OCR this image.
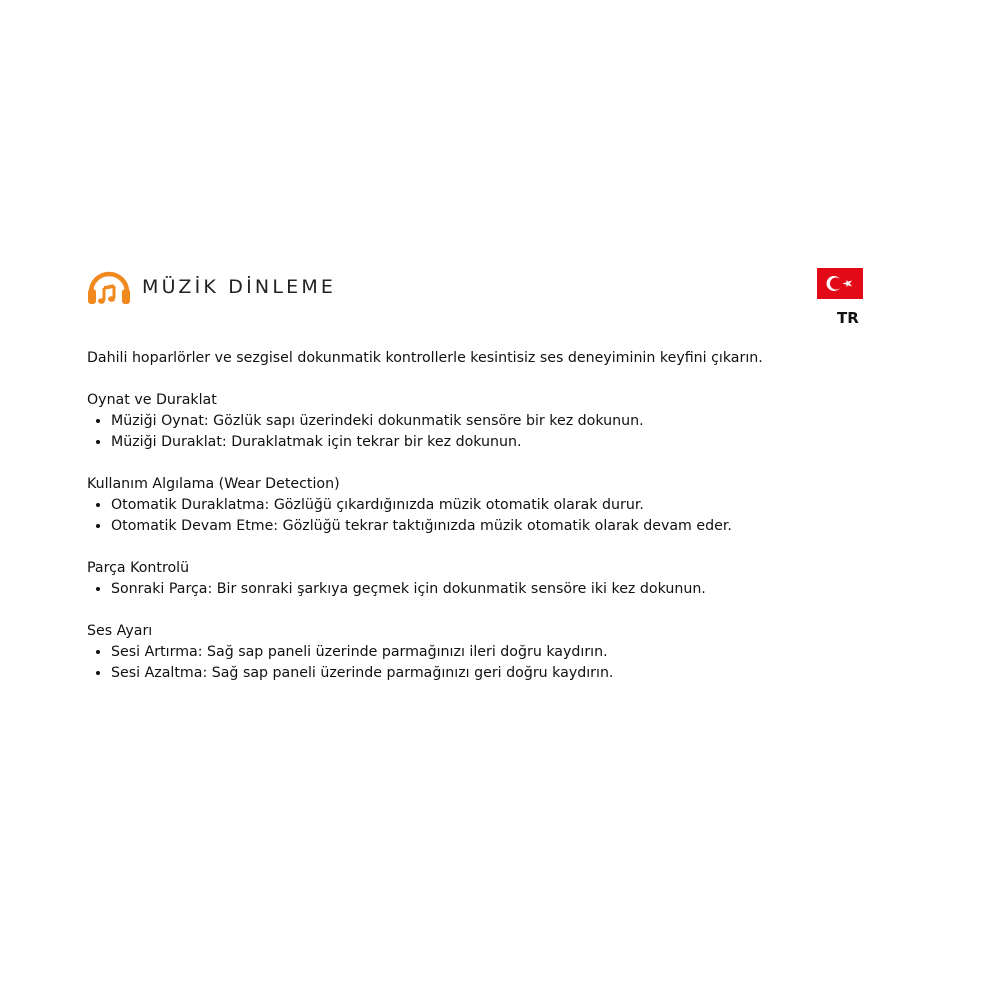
MÜZİK DİNLEME
TR

Dahili hoparlörler ve sezgisel dokunmatik kontrollerle kesintisiz ses deneyiminin keyfini çıkarın.

Oynat ve Duraklat

• Müziği Oynat: Gözlük sapı üzerindeki dokunmatik sensöre bir kez dokunun.
• Müziği Duraklat: Duraklatmak için tekrar bir kez dokunun.

Kullanım Algılama (Wear Detection)

• Otomatik Duraklatma: Gözlüğü çıkardığınızda müzik otomatik olarak durur.
• Otomatik Devam Etme: Gözlüğü tekrar taktığınızda müzik otomatik olarak devam eder.

Parça Kontrolü

• Sonraki Parça: Bir sonraki şarkıya geçmek için dokunmatik sensöre iki kez dokunun.

Ses Ayarı

• Sesi Artırma: Sağ sap paneli üzerinde parmağınızı ileri doğru kaydırın.
• Sesi Azaltma: Sağ sap paneli üzerinde parmağınızı geri doğru kaydırın.
